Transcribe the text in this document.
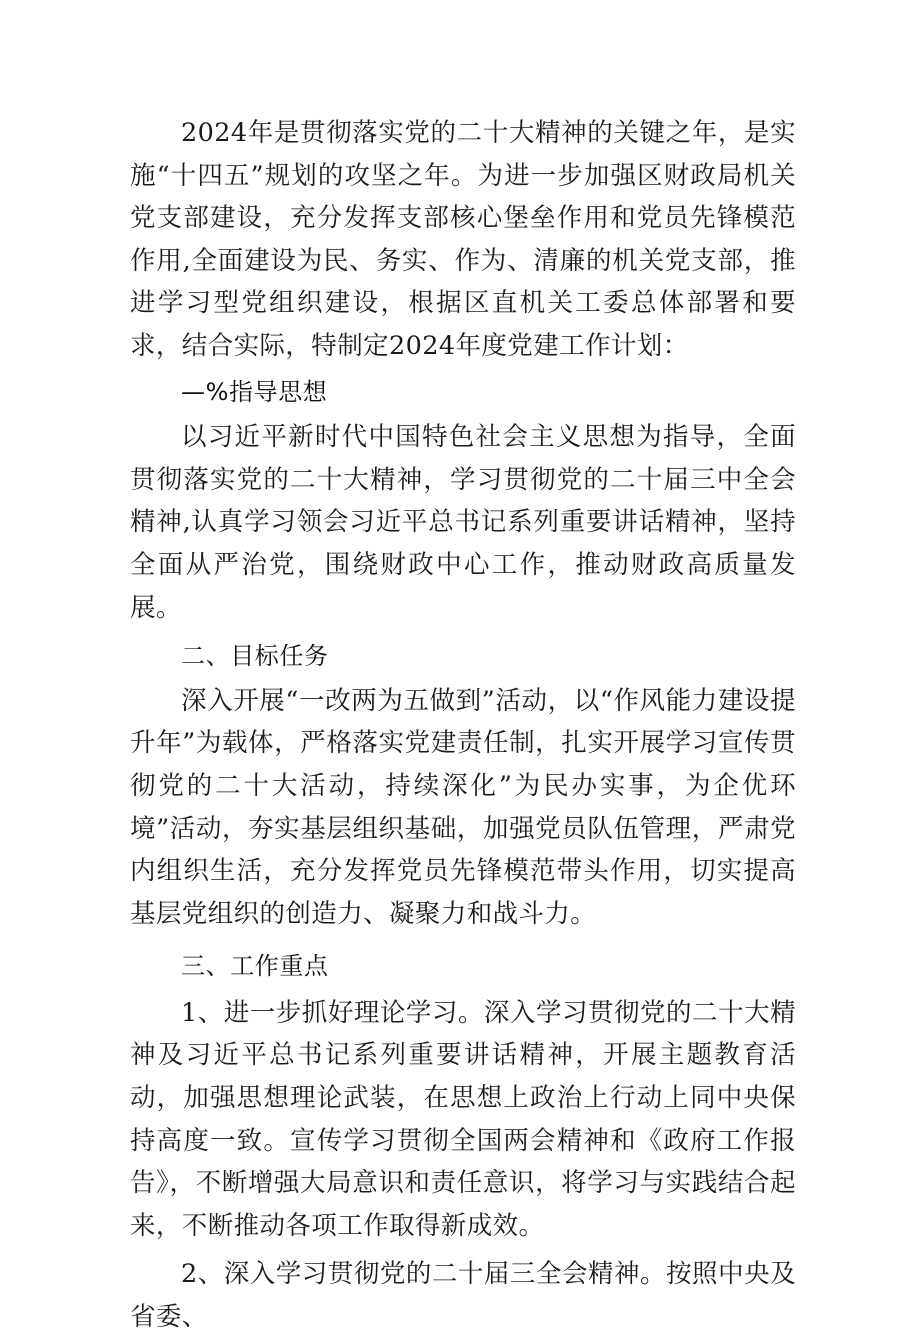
2024年是贯彻落实党的二十大精神的关键之年，是实施“十四五”规划的攻坚之年。为进一步加强区财政局机关党支部建设，充分发挥支部核心堡垒作用和党员先锋模范作用,全面建设为民、务实、作为、清廉的机关党支部，推进学习型党组织建设，根据区直机关工委总体部署和要求，结合实际，特制定2024年度党建工作计划：

—%指导思想

以习近平新时代中国特色社会主义思想为指导，全面贯彻落实党的二十大精神，学习贯彻党的二十届三中全会精神,认真学习领会习近平总书记系列重要讲话精神，坚持全面从严治党，围绕财政中心工作，推动财政高质量发展。

二、目标任务

深入开展“一改两为五做到”活动，以“作风能力建设提升年”为载体，严格落实党建责任制，扎实开展学习宣传贯彻党的二十大活动，持续深化”为民办实事，为企优环境”活动，夯实基层组织基础，加强党员队伍管理，严肃党内组织生活，充分发挥党员先锋模范带头作用，切实提高基层党组织的创造力、凝聚力和战斗力。

三、工作重点

1、进一步抓好理论学习。深入学习贯彻党的二十大精神及习近平总书记系列重要讲话精神，开展主题教育活动，加强思想理论武装，在思想上政治上行动上同中央保持高度一致。宣传学习贯彻全国两会精神和《政府工作报告》，不断增强大局意识和责任意识，将学习与实践结合起来，不断推动各项工作取得新成效。

2、深入学习贯彻党的二十届三全会精神。按照中央及省委、
